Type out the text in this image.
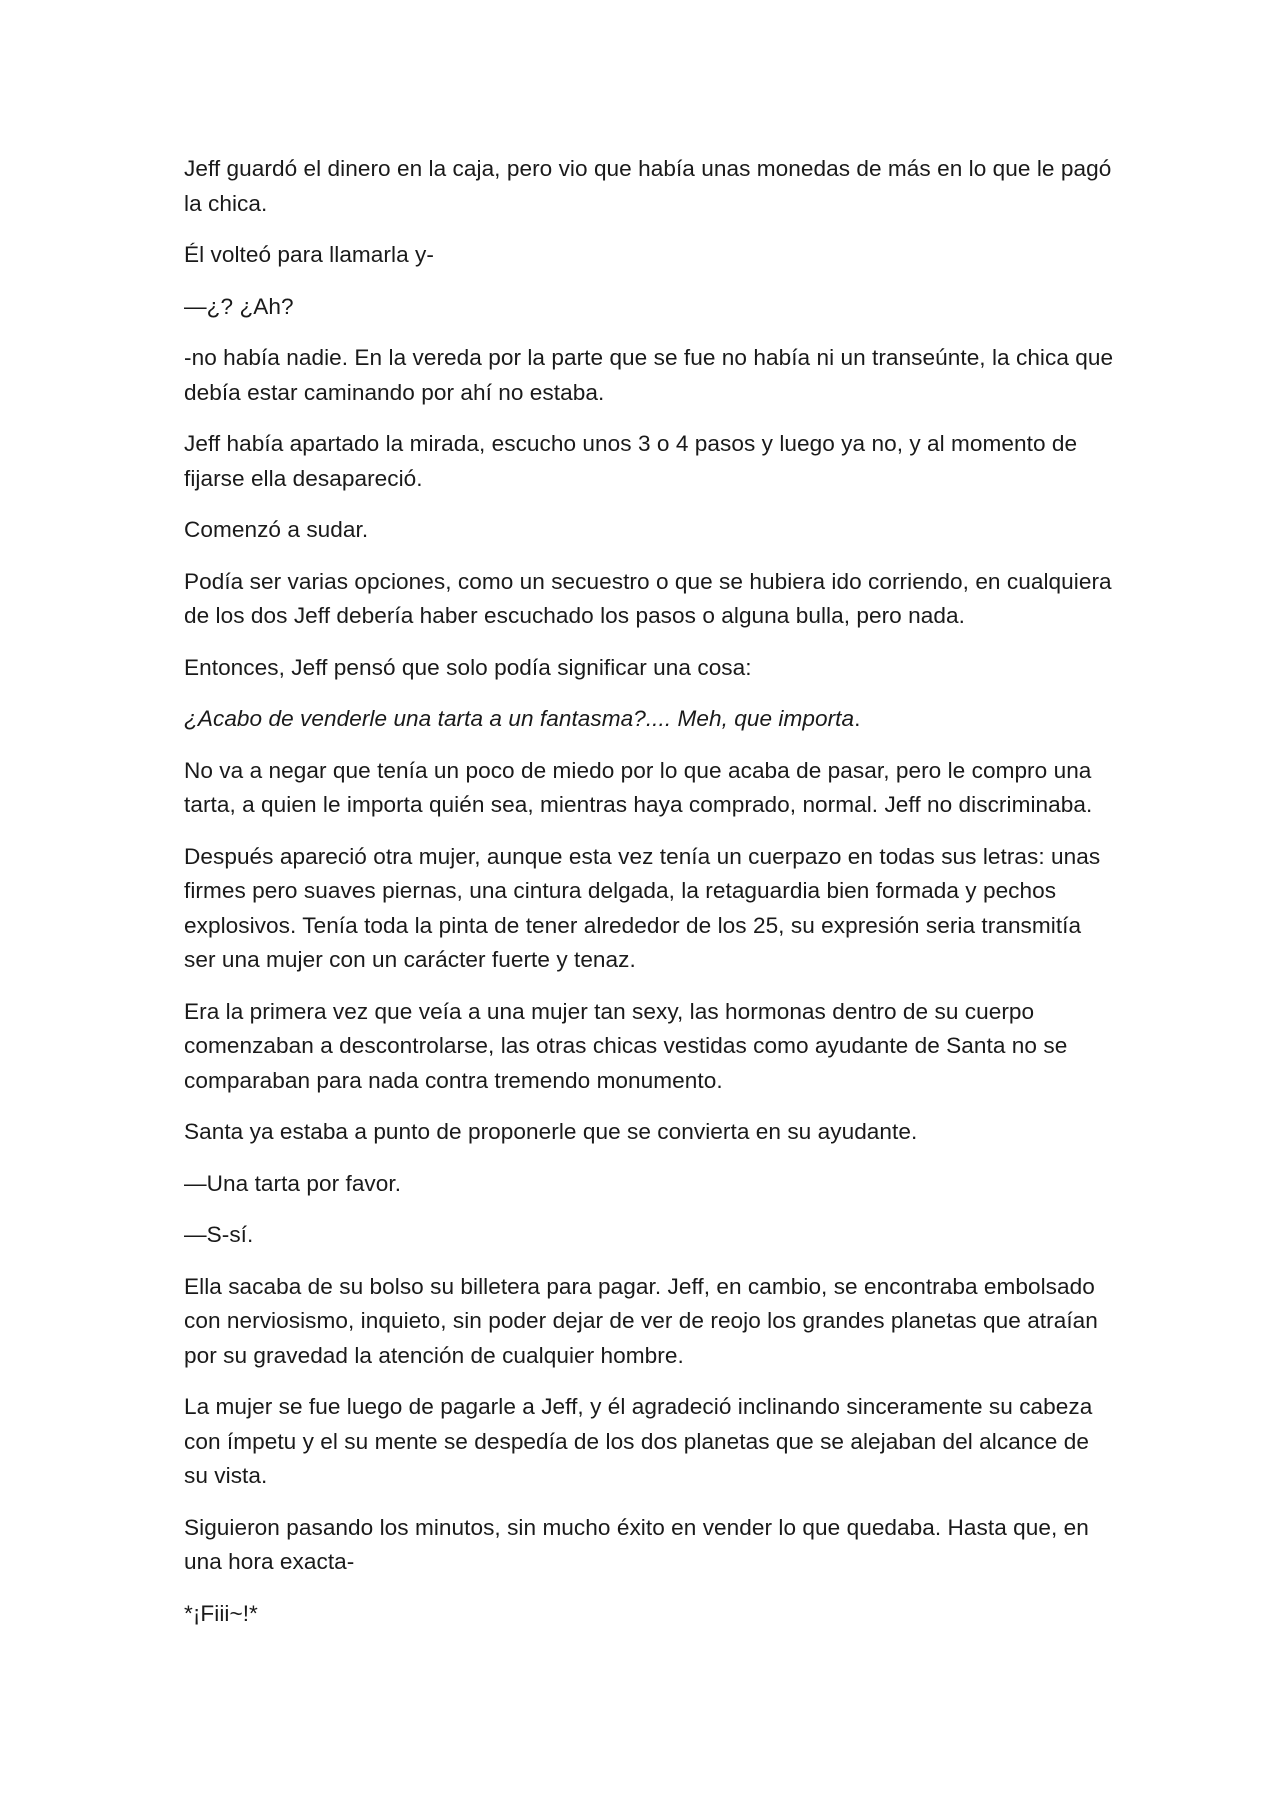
Jeff guardó el dinero en la caja, pero vio que había unas monedas de más en lo que le pagó la chica.

Él volteó para llamarla y-

—¿? ¿Ah?

-no había nadie. En la vereda por la parte que se fue no había ni un transeúnte, la chica que debía estar caminando por ahí no estaba.

Jeff había apartado la mirada, escucho unos 3 o 4 pasos y luego ya no, y al momento de fijarse ella desapareció.

Comenzó a sudar.

Podía ser varias opciones, como un secuestro o que se hubiera ido corriendo, en cualquiera de los dos Jeff debería haber escuchado los pasos o alguna bulla, pero nada.

Entonces, Jeff pensó que solo podía significar una cosa:

¿Acabo de venderle una tarta a un fantasma?.... Meh, que importa.

No va a negar que tenía un poco de miedo por lo que acaba de pasar, pero le compro una tarta, a quien le importa quién sea, mientras haya comprado, normal. Jeff no discriminaba.

Después apareció otra mujer, aunque esta vez tenía un cuerpazo en todas sus letras: unas firmes pero suaves piernas, una cintura delgada, la retaguardia bien formada y pechos explosivos. Tenía toda la pinta de tener alrededor de los 25, su expresión seria transmitía ser una mujer con un carácter fuerte y tenaz.

Era la primera vez que veía a una mujer tan sexy, las hormonas dentro de su cuerpo comenzaban a descontrolarse, las otras chicas vestidas como ayudante de Santa no se comparaban para nada contra tremendo monumento.

Santa ya estaba a punto de proponerle que se convierta en su ayudante.

—Una tarta por favor.

—S-sí.

Ella sacaba de su bolso su billetera para pagar. Jeff, en cambio, se encontraba embolsado con nerviosismo, inquieto, sin poder dejar de ver de reojo los grandes planetas que atraían por su gravedad la atención de cualquier hombre.

La mujer se fue luego de pagarle a Jeff, y él agradeció inclinando sinceramente su cabeza con ímpetu y el su mente se despedía de los dos planetas que se alejaban del alcance de su vista.

Siguieron pasando los minutos, sin mucho éxito en vender lo que quedaba. Hasta que, en una hora exacta-

*¡Fiii~!*
